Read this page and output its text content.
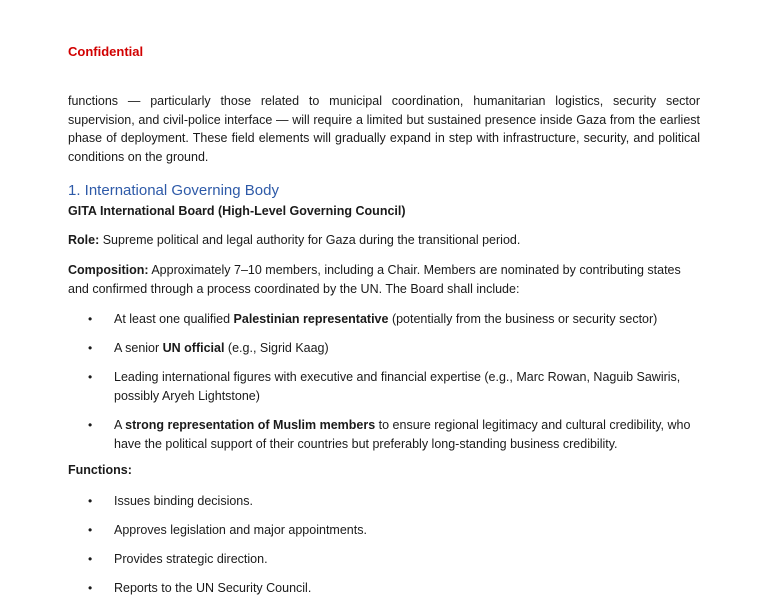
Confidential

functions — particularly those related to municipal coordination, humanitarian logistics, security sector supervision, and civil-police interface — will require a limited but sustained presence inside Gaza from the earliest phase of deployment. These field elements will gradually expand in step with infrastructure, security, and political conditions on the ground.

1. International Governing Body
GITA International Board (High-Level Governing Council)

Role: Supreme political and legal authority for Gaza during the transitional period.

Composition: Approximately 7–10 members, including a Chair. Members are nominated by contributing states and confirmed through a process coordinated by the UN. The Board shall include:

• At least one qualified Palestinian representative (potentially from the business or security sector)
• A senior UN official (e.g., Sigrid Kaag)
• Leading international figures with executive and financial expertise (e.g., Marc Rowan, Naguib Sawiris, possibly Aryeh Lightstone)
• A strong representation of Muslim members to ensure regional legitimacy and cultural credibility, who have the political support of their countries but preferably long-standing business credibility.

Functions:

• Issues binding decisions.
• Approves legislation and major appointments.
• Provides strategic direction.
• Reports to the UN Security Council.
